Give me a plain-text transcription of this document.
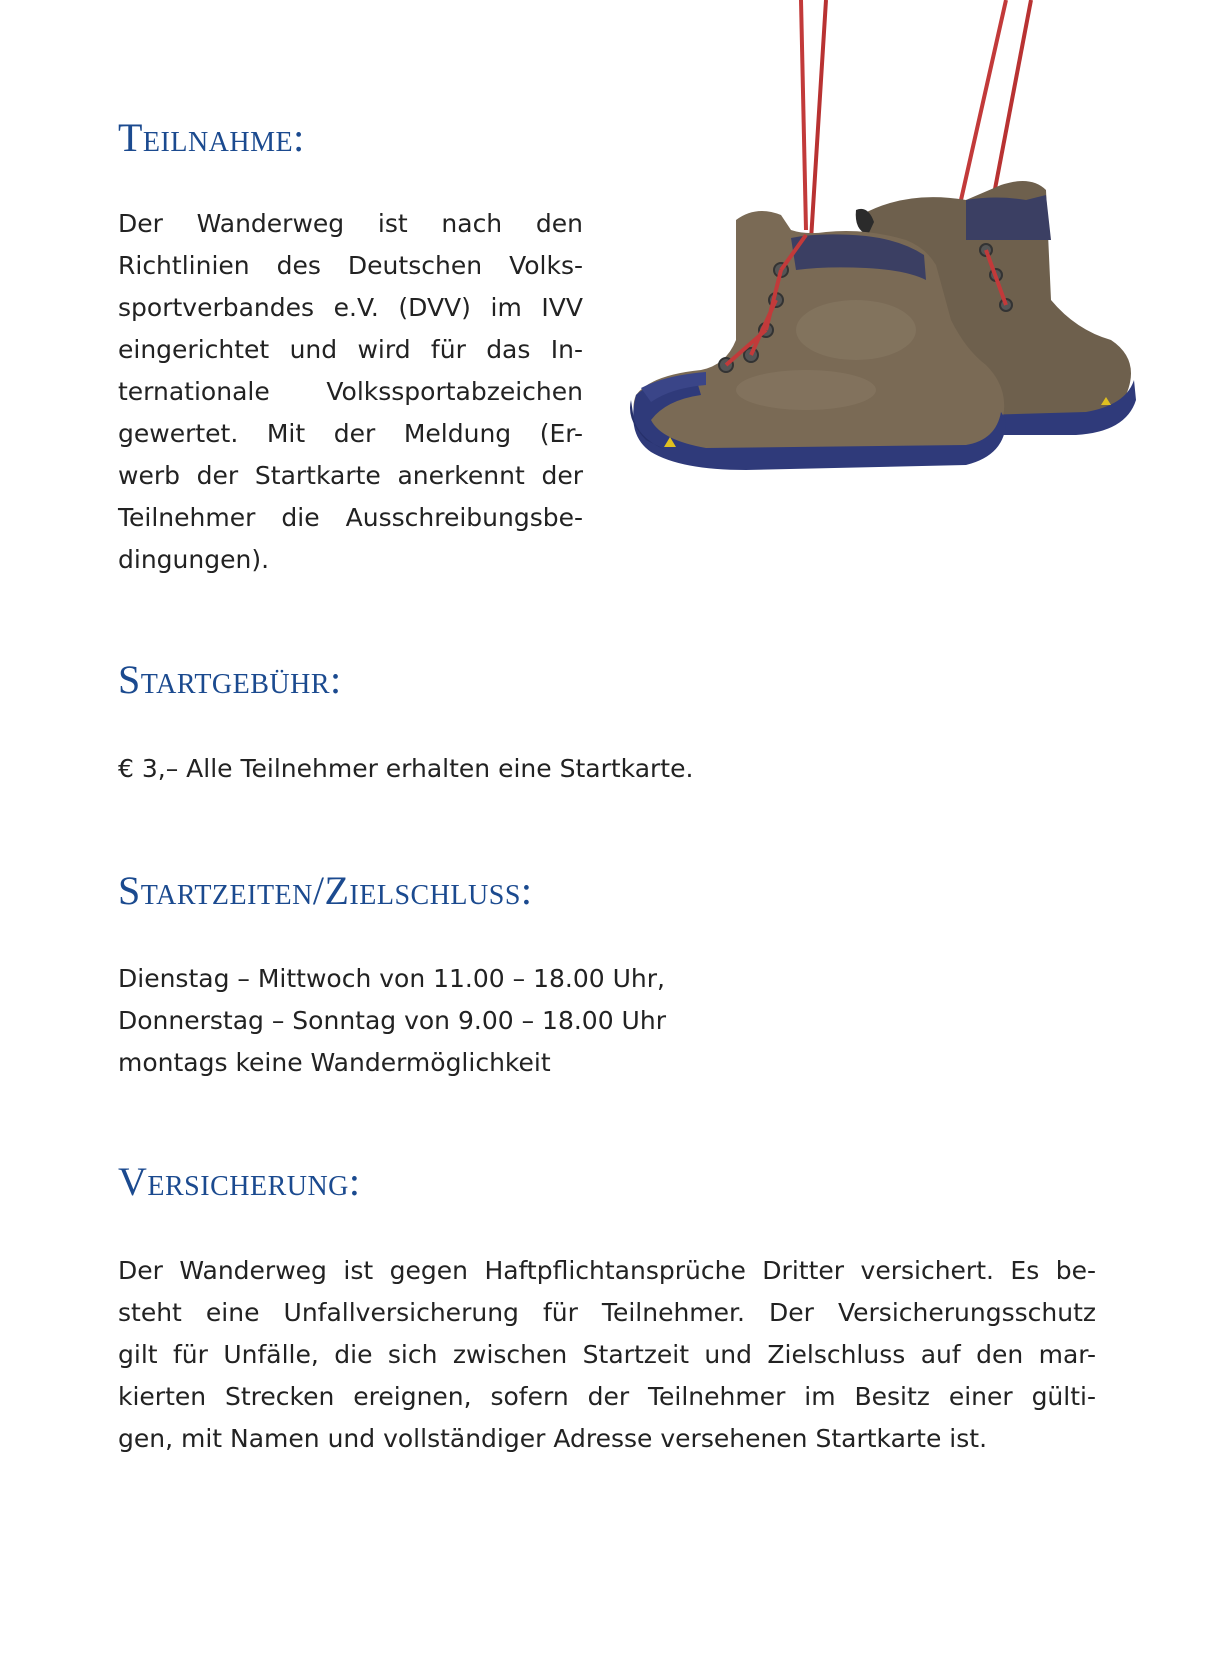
Teilnahme:
Der Wanderweg ist nach den
Richtlinien des Deutschen Volks-
sportverbandes e.V. (DVV) im IVV
eingerichtet und wird für das In-
ternationale Volkssportabzeichen
gewertet. Mit der Meldung (Er-
werb der Startkarte anerkennt der
Teilnehmer die Ausschreibungsbe-
dingungen).
Startgebühr:
€ 3,– Alle Teilnehmer erhalten eine Startkarte.
Startzeiten/Zielschluss:
Dienstag – Mittwoch von 11.00 – 18.00 Uhr,
Donnerstag – Sonntag von 9.00 – 18.00 Uhr
montags keine Wandermöglichkeit
Versicherung:
Der Wanderweg ist gegen Haftpflichtansprüche Dritter versichert. Es be-
steht eine Unfallversicherung für Teilnehmer. Der Versicherungsschutz
gilt für Unfälle, die sich zwischen Startzeit und Zielschluss auf den mar-
kierten Strecken ereignen, sofern der Teilnehmer im Besitz einer gülti-
gen, mit Namen und vollständiger Adresse versehenen Startkarte ist.
